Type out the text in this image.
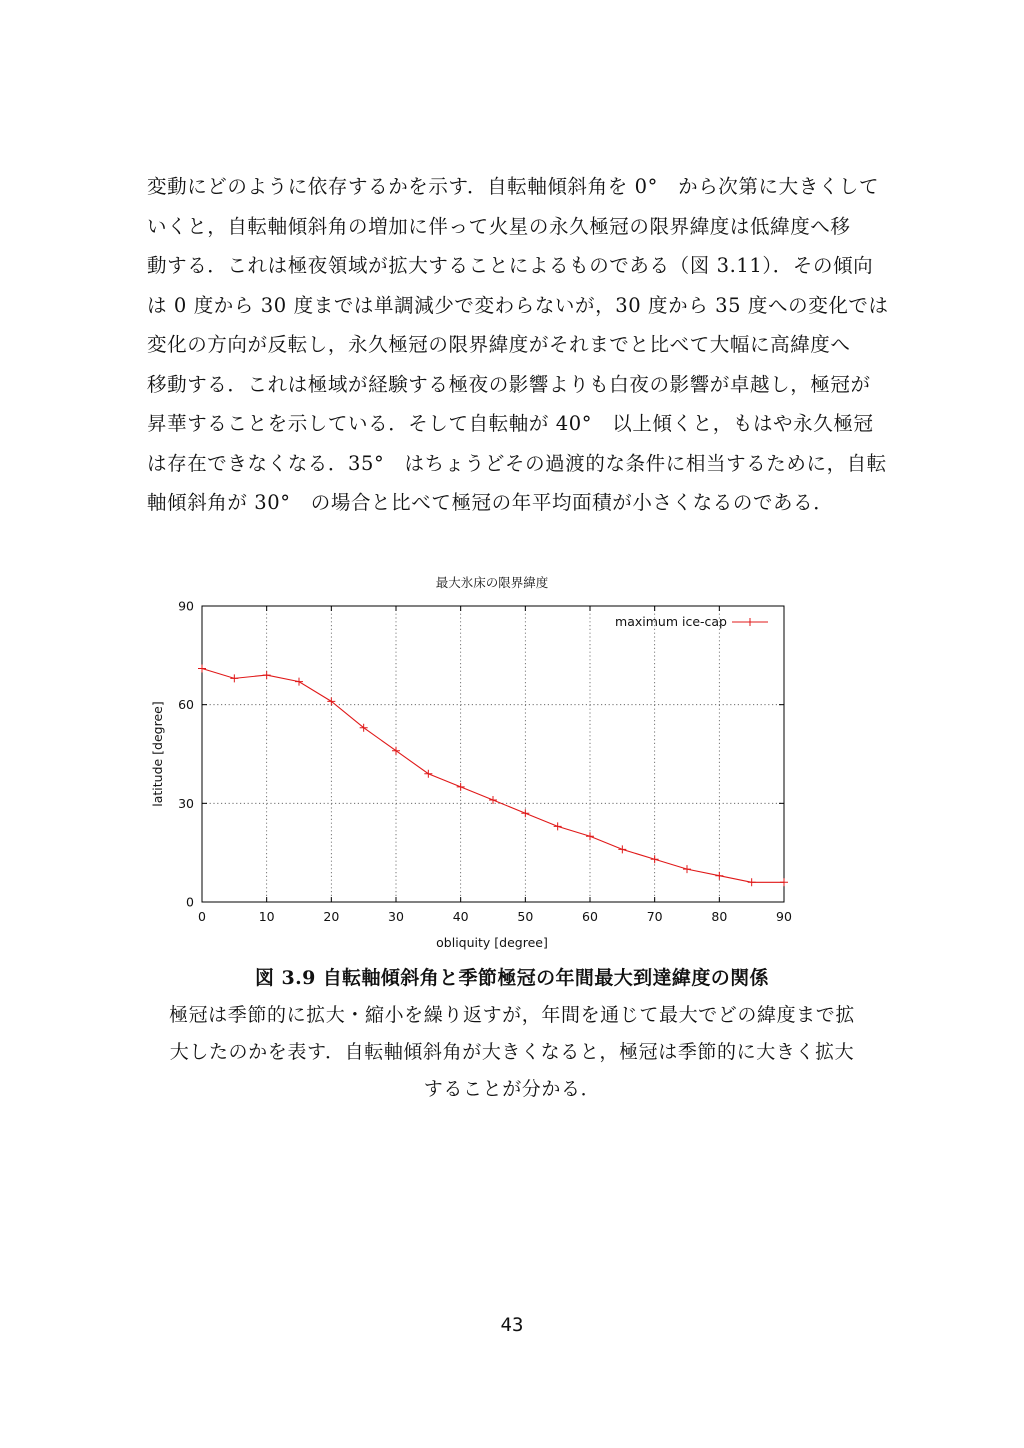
変動にどのように依存するかを示す．自転軸傾斜角を 0°　から次第に大きくして

いくと，自転軸傾斜角の増加に伴って火星の永久極冠の限界緯度は低緯度へ移

動する．これは極夜領域が拡大することによるものである（図 3.11）．その傾向

は 0 度から 30 度までは単調減少で変わらないが，30 度から 35 度への変化では

変化の方向が反転し，永久極冠の限界緯度がそれまでと比べて大幅に高緯度へ

移動する．これは極域が経験する極夜の影響よりも白夜の影響が卓越し，極冠が

昇華することを示している．そして自転軸が 40°　以上傾くと，もはや永久極冠

は存在できなくなる．35°　はちょうどその過渡的な条件に相当するために，自転

軸傾斜角が 30°　の場合と比べて極冠の年平均面積が小さくなるのである．

最大氷床の限界緯度
0	10	20	30	40	50	60	70	80	90
0
30
60
90
obliquity [degree]
latitude [degree]
maximum ice-cap
図 3.9 自転軸傾斜角と季節極冠の年間最大到達緯度の関係

極冠は季節的に拡大・縮小を繰り返すが，年間を通じて最大でどの緯度まで拡

大したのかを表す．自転軸傾斜角が大きくなると，極冠は季節的に大きく拡大

することが分かる．

43
